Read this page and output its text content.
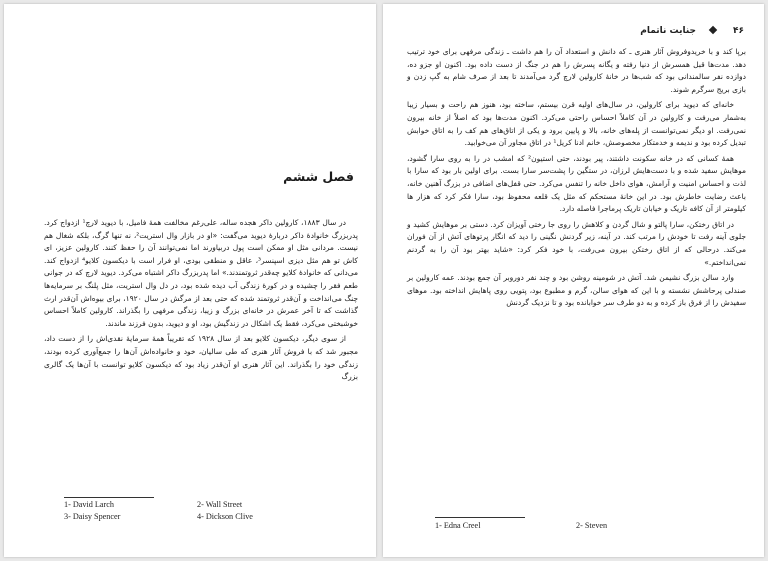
فصل ششم

در سال ۱۸۸۳، کارولین داکر هجده ساله، علی‌رغم مخالفت همهٔ فامیل، با دیوید لارچ¹ ازدواج کرد. پدربزرگ خانوادهٔ داکر دربارهٔ دیوید می‌گفت: «او در بازار وال استریت²، نه تنها گرگ، بلکه شغال هم نیست. مردانی مثل او ممکن است پول دربیاورند اما نمی‌توانند آن را حفظ کنند. کارولین عزیز، ای کاش تو هم مثل دیزی اسپنسر³، عاقل و منطقی بودی، او فرار است با دیکسون کلایو⁴ ازدواج کند. می‌دانی که خانوادهٔ کلایو چه‌قدر ثروتمندند.» اما پدربزرگ داکر اشتباه می‌کرد. دیوید لارچ که در جوانی طعم فقر را چشیده و در کورهٔ زندگی آب دیده شده بود، در دل وال استریت، مثل پلنگ بر سرمایه‌ها چنگ می‌انداخت و آن‌قدر ثروتمند شده که حتی بعد از مرگش در سال ۱۹۲۰، برای بیوه‌اش آن‌قدر ارث گذاشت که تا آخر عمرش در خانه‌ای بزرگ و زیبا، زندگی مرفهی را بگذراند. کارولین کاملاً احساس خوشبختی می‌کرد، فقط یک اشکال در زندگیش بود، او و دیوید، بدون فرزند ماندند.

از سوی دیگر، دیکسون کلایو بعد از سال ۱۹۲۸ که تقریباً همهٔ سرمایهٔ نقدی‌اش را از دست داد، مجبور شد که با فروش آثار هنری که طی سالیان، خود و خانواده‌اش آن‌ها را جمع‌آوری کرده بودند، زندگی خود را بگذراند. این آثار هنری او آن‌قدر زیاد بود که دیکسون کلایو توانست با آن‌ها یک گالری بزرگ

1- David Larch	2- Wall Street
3- Daisy Spencer	4- Dickson Clive
۴۶
جنایت ناتمام

برپا کند و با خریدوفروش آثار هنری ـ که دانش و استعداد آن را هم داشت ـ زندگی مرفهی برای خود ترتیب دهد. مدت‌ها قبل همسرش از دنیا رفته و یگانه پسرش را هم در جنگ از دست داده بود. اکنون او جزو ده، دوازده نفر سالمندانی بود که شب‌ها در خانهٔ کارولین لارچ گرد می‌آمدند تا بعد از صرف شام به گپ زدن و بازی بریج سرگرم شوند.

خانه‌ای که دیوید برای کارولین، در سال‌های اولیه قرن بیستم، ساخته بود، هنوز هم راحت و بسیار زیبا به‌شمار می‌رفت و کارولین در آن کاملاً احساس راحتی می‌کرد. اکنون مدت‌ها بود که اصلاً از خانه بیرون نمی‌رفت. او دیگر نمی‌توانست از پله‌های خانه، بالا و پایین برود و یکی از اتاق‌های هم کف را به اتاق خوابش تبدیل کرده بود و ندیمه و خدمتکار مخصوصش، خانم ادنا کریل¹ در اتاق مجاور آن می‌خوابید.

همهٔ کسانی که در خانه سکونت داشتند، پیر بودند، حتی استیون² که امشب در را به روی سارا گشود، موهایش سفید شده و با دست‌هایش لرزان، در ستگین را پشت‌سر سارا بست. برای اولین بار بود که سارا با لذت و احساس امنیت و آرامش، هوای داخل خانه را تنفس می‌کرد. حتی قفل‌های اضافی در بزرگ آهنین خانه، باعث رضایت خاطرش بود. در این خانهٔ مستحکم که مثل یک قلعه محفوظ بود، سارا فکر کرد که هزار ها کیلومتر از آن کافه تاریک و خیابان تاریک پرماجرا فاصله دارد.

در اتاق رختکن، سارا پالتو و شال گردن و کلاهش را روی جا رختی آویزان کرد. دستی بر موهایش کشید و جلوی آینه رفت تا خودش را مرتب کند. در آینه، زیر گردنش نگینی را دید که انگار پرتوهای آتش از آن فوران می‌کند. درحالی که از اتاق رختکن بیرون می‌رفت، با خود فکر کرد: «شاید بهتر بود آن را به گردنم نمی‌انداختم.»

وارد سالن بزرگ نشیمن شد. آتش در شومینه روشن بود و چند نفر دوروبر آن جمع بودند. عمه کارولین بر صندلی پرحاشش نشسته و با این که هوای سالن، گرم و مطبوع بود، پتویی روی پاهایش انداخته بود. موهای سفیدش را از فرق باز کرده و به دو طرف سر خوابانده بود و تا نزدیک گردنش

1- Edna Creel	2- Steven
